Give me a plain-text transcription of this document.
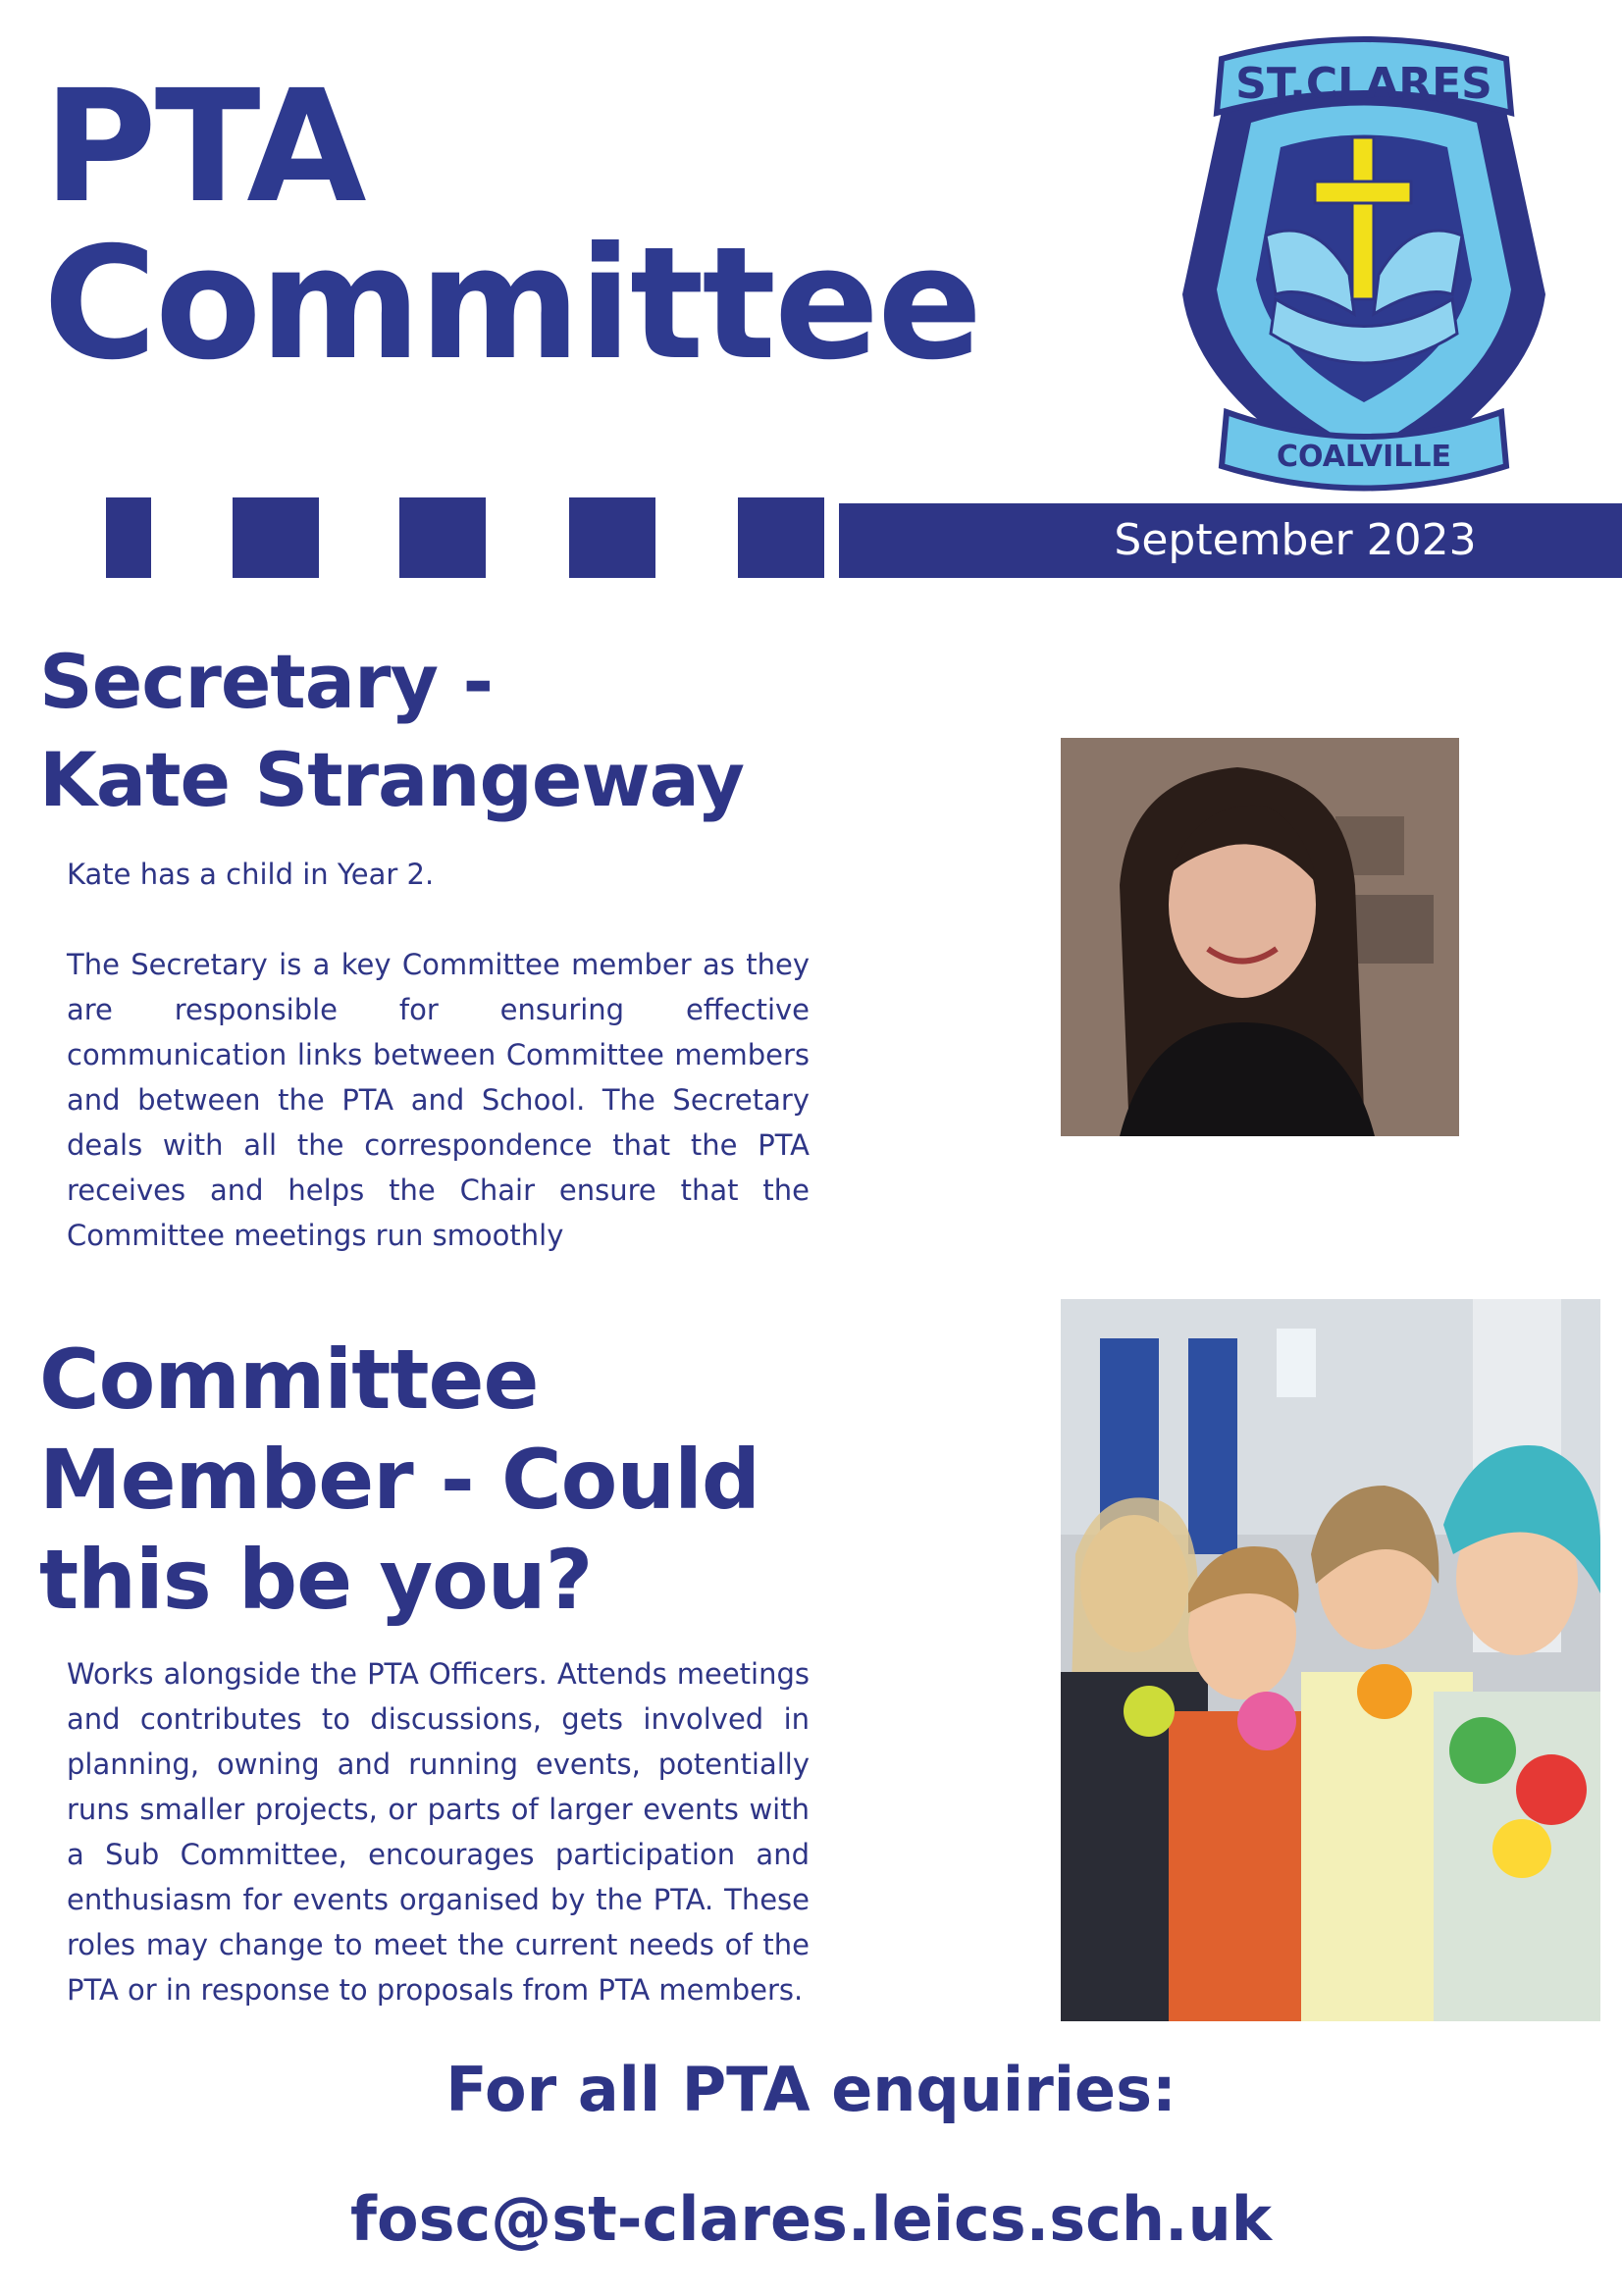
PTA
Committee
ST.CLARES
COALVILLE
September 2023
Secretary -
Kate Strangeway
Kate has a child in Year 2.
The Secretary is a key Committee member as they are responsible for ensuring effective communication links between Committee members and between the PTA and School. The Secretary deals with all the correspondence that the PTA receives and helps the Chair ensure that the Committee meetings run smoothly
Committee
Member - Could
this be you?
Works alongside the PTA Officers. Attends meetings and contributes to discussions, gets involved in planning, owning and running events, potentially runs smaller projects, or parts of larger events with a Sub Committee, encourages participation and enthusiasm for events organised by the PTA. These roles may change to meet the current needs of the PTA or in response to proposals from PTA members.
For all PTA enquiries:
fosc@st-clares.leics.sch.uk
